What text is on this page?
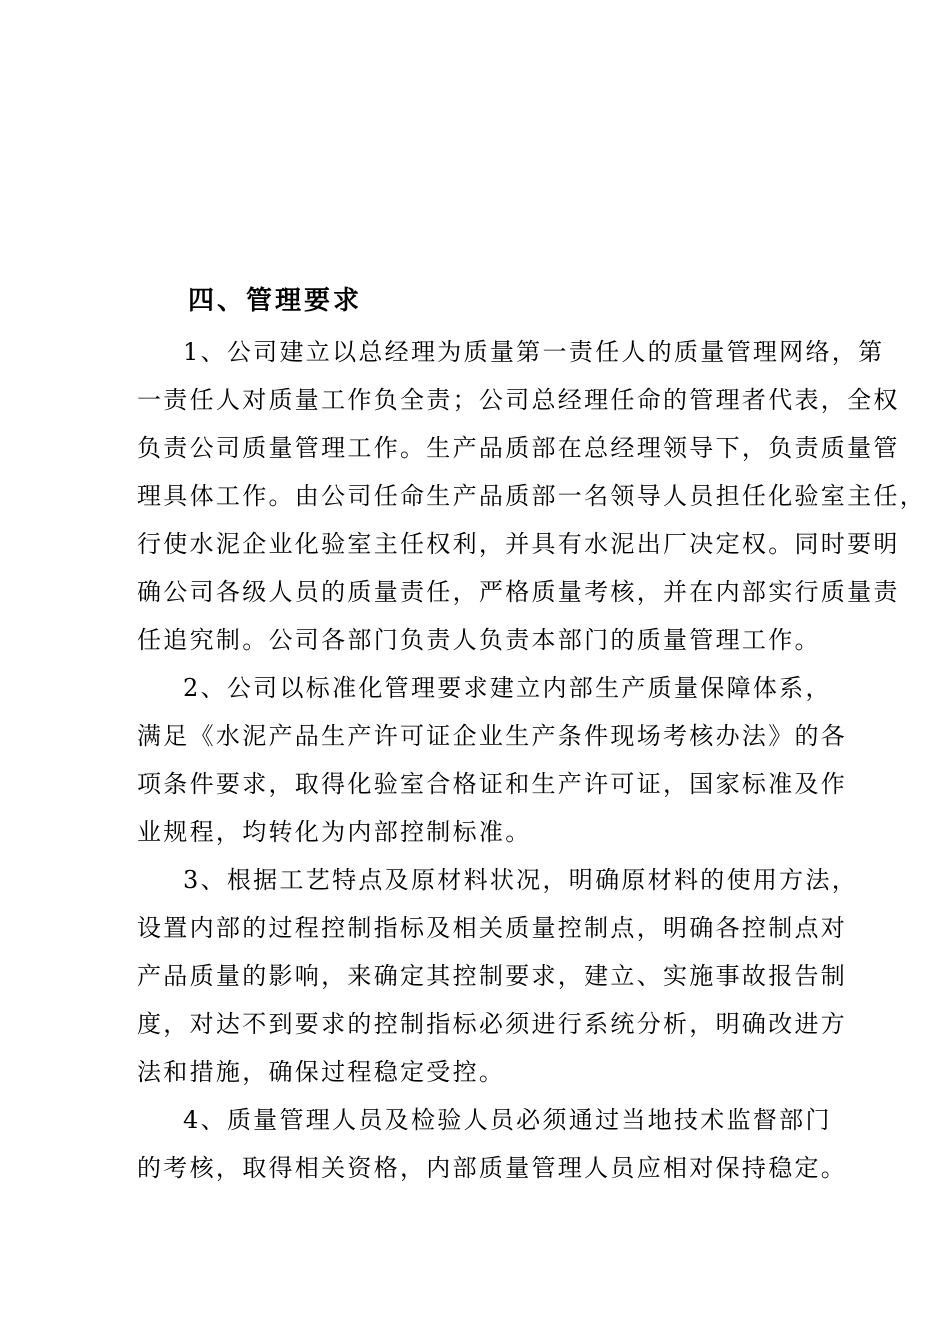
四、管理要求

1、公司建立以总经理为质量第一责任人的质量管理网络，第
一责任人对质量工作负全责；公司总经理任命的管理者代表，全权
负责公司质量管理工作。生产品质部在总经理领导下，负责质量管
理具体工作。由公司任命生产品质部一名领导人员担任化验室主任，
行使水泥企业化验室主任权利，并具有水泥出厂决定权。同时要明
确公司各级人员的质量责任，严格质量考核，并在内部实行质量责
任追究制。公司各部门负责人负责本部门的质量管理工作。

2、公司以标准化管理要求建立内部生产质量保障体系，
满足《水泥产品生产许可证企业生产条件现场考核办法》的各
项条件要求，取得化验室合格证和生产许可证，国家标准及作
业规程，均转化为内部控制标准。

3、根据工艺特点及原材料状况，明确原材料的使用方法，
设置内部的过程控制指标及相关质量控制点，明确各控制点对
产品质量的影响，来确定其控制要求，建立、实施事故报告制
度，对达不到要求的控制指标必须进行系统分析，明确改进方
法和措施，确保过程稳定受控。

4、质量管理人员及检验人员必须通过当地技术监督部门
的考核，取得相关资格，内部质量管理人员应相对保持稳定。
